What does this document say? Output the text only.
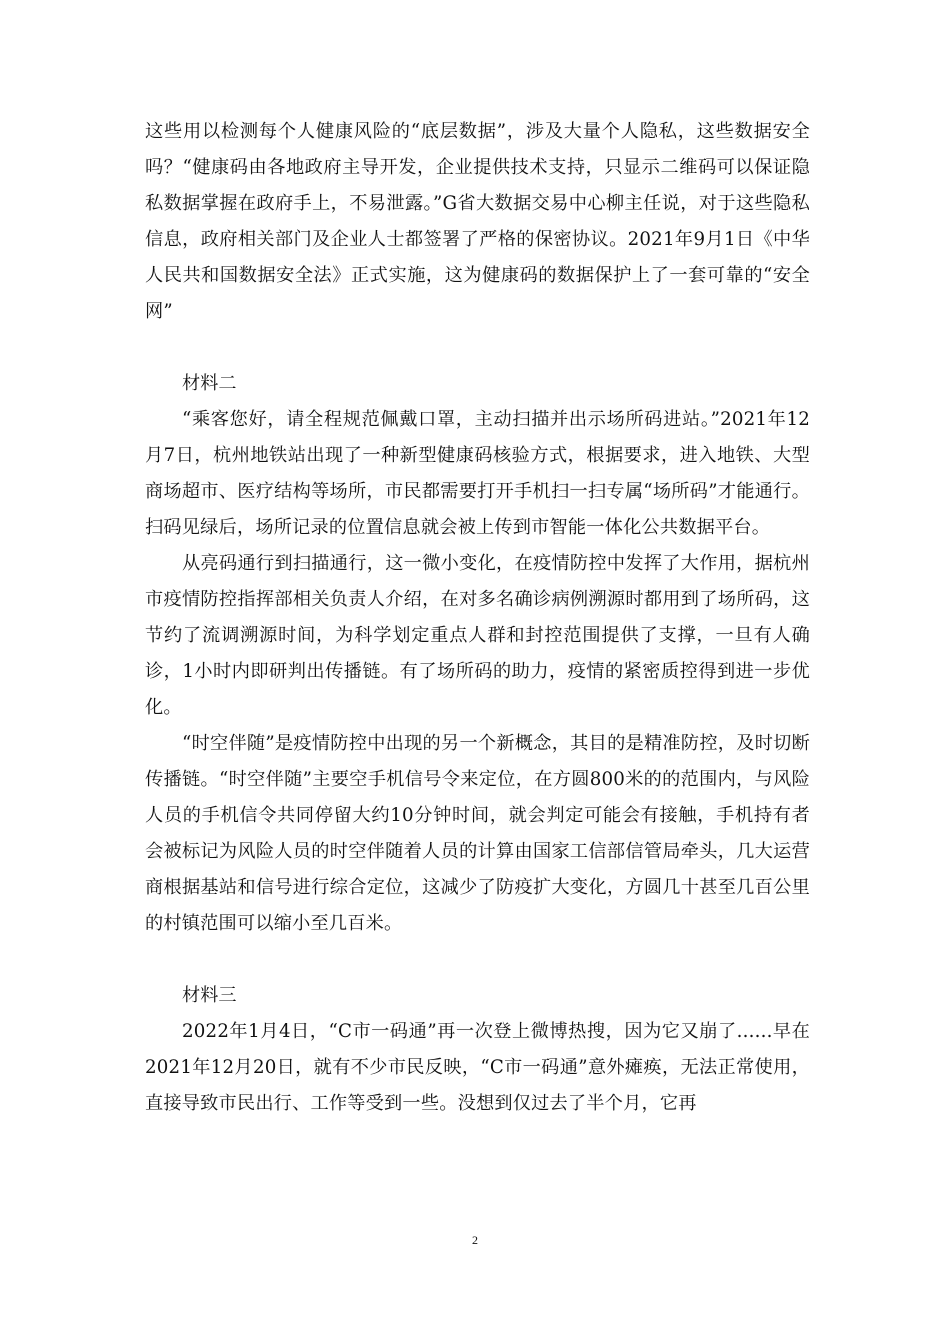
这些用以检测每个人健康风险的“底层数据”，涉及大量个人隐私，这些数据安全吗？“健康码由各地政府主导开发，企业提供技术支持，只显示二维码可以保证隐私数据掌握在政府手上，不易泄露。”G省大数据交易中心柳主任说，对于这些隐私信息，政府相关部门及企业人士都签署了严格的保密协议。2021年9月1日《中华人民共和国数据安全法》正式实施，这为健康码的数据保护上了一套可靠的“安全网”

材料二

“乘客您好，请全程规范佩戴口罩，主动扫描并出示场所码进站。”2021年12月7日，杭州地铁站出现了一种新型健康码核验方式，根据要求，进入地铁、大型商场超市、医疗结构等场所，市民都需要打开手机扫一扫专属“场所码”才能通行。扫码见绿后，场所记录的位置信息就会被上传到市智能一体化公共数据平台。

从亮码通行到扫描通行，这一微小变化，在疫情防控中发挥了大作用，据杭州市疫情防控指挥部相关负责人介绍，在对多名确诊病例溯源时都用到了场所码，这节约了流调溯源时间，为科学划定重点人群和封控范围提供了支撑，一旦有人确诊，1小时内即研判出传播链。有了场所码的助力，疫情的紧密质控得到进一步优化。

“时空伴随”是疫情防控中出现的另一个新概念，其目的是精准防控，及时切断传播链。“时空伴随”主要空手机信号令来定位，在方圆800米的的范围内，与风险人员的手机信令共同停留大约10分钟时间，就会判定可能会有接触，手机持有者会被标记为风险人员的时空伴随着人员的计算由国家工信部信管局牵头，几大运营商根据基站和信号进行综合定位，这减少了防疫扩大变化，方圆几十甚至几百公里的村镇范围可以缩小至几百米。

材料三

2022年1月4日，“C市一码通”再一次登上微博热搜，因为它又崩了......早在2021年12月20日，就有不少市民反映，“C市一码通”意外瘫痪，无法正常使用，直接导致市民出行、工作等受到一些。没想到仅过去了半个月，它再

2
